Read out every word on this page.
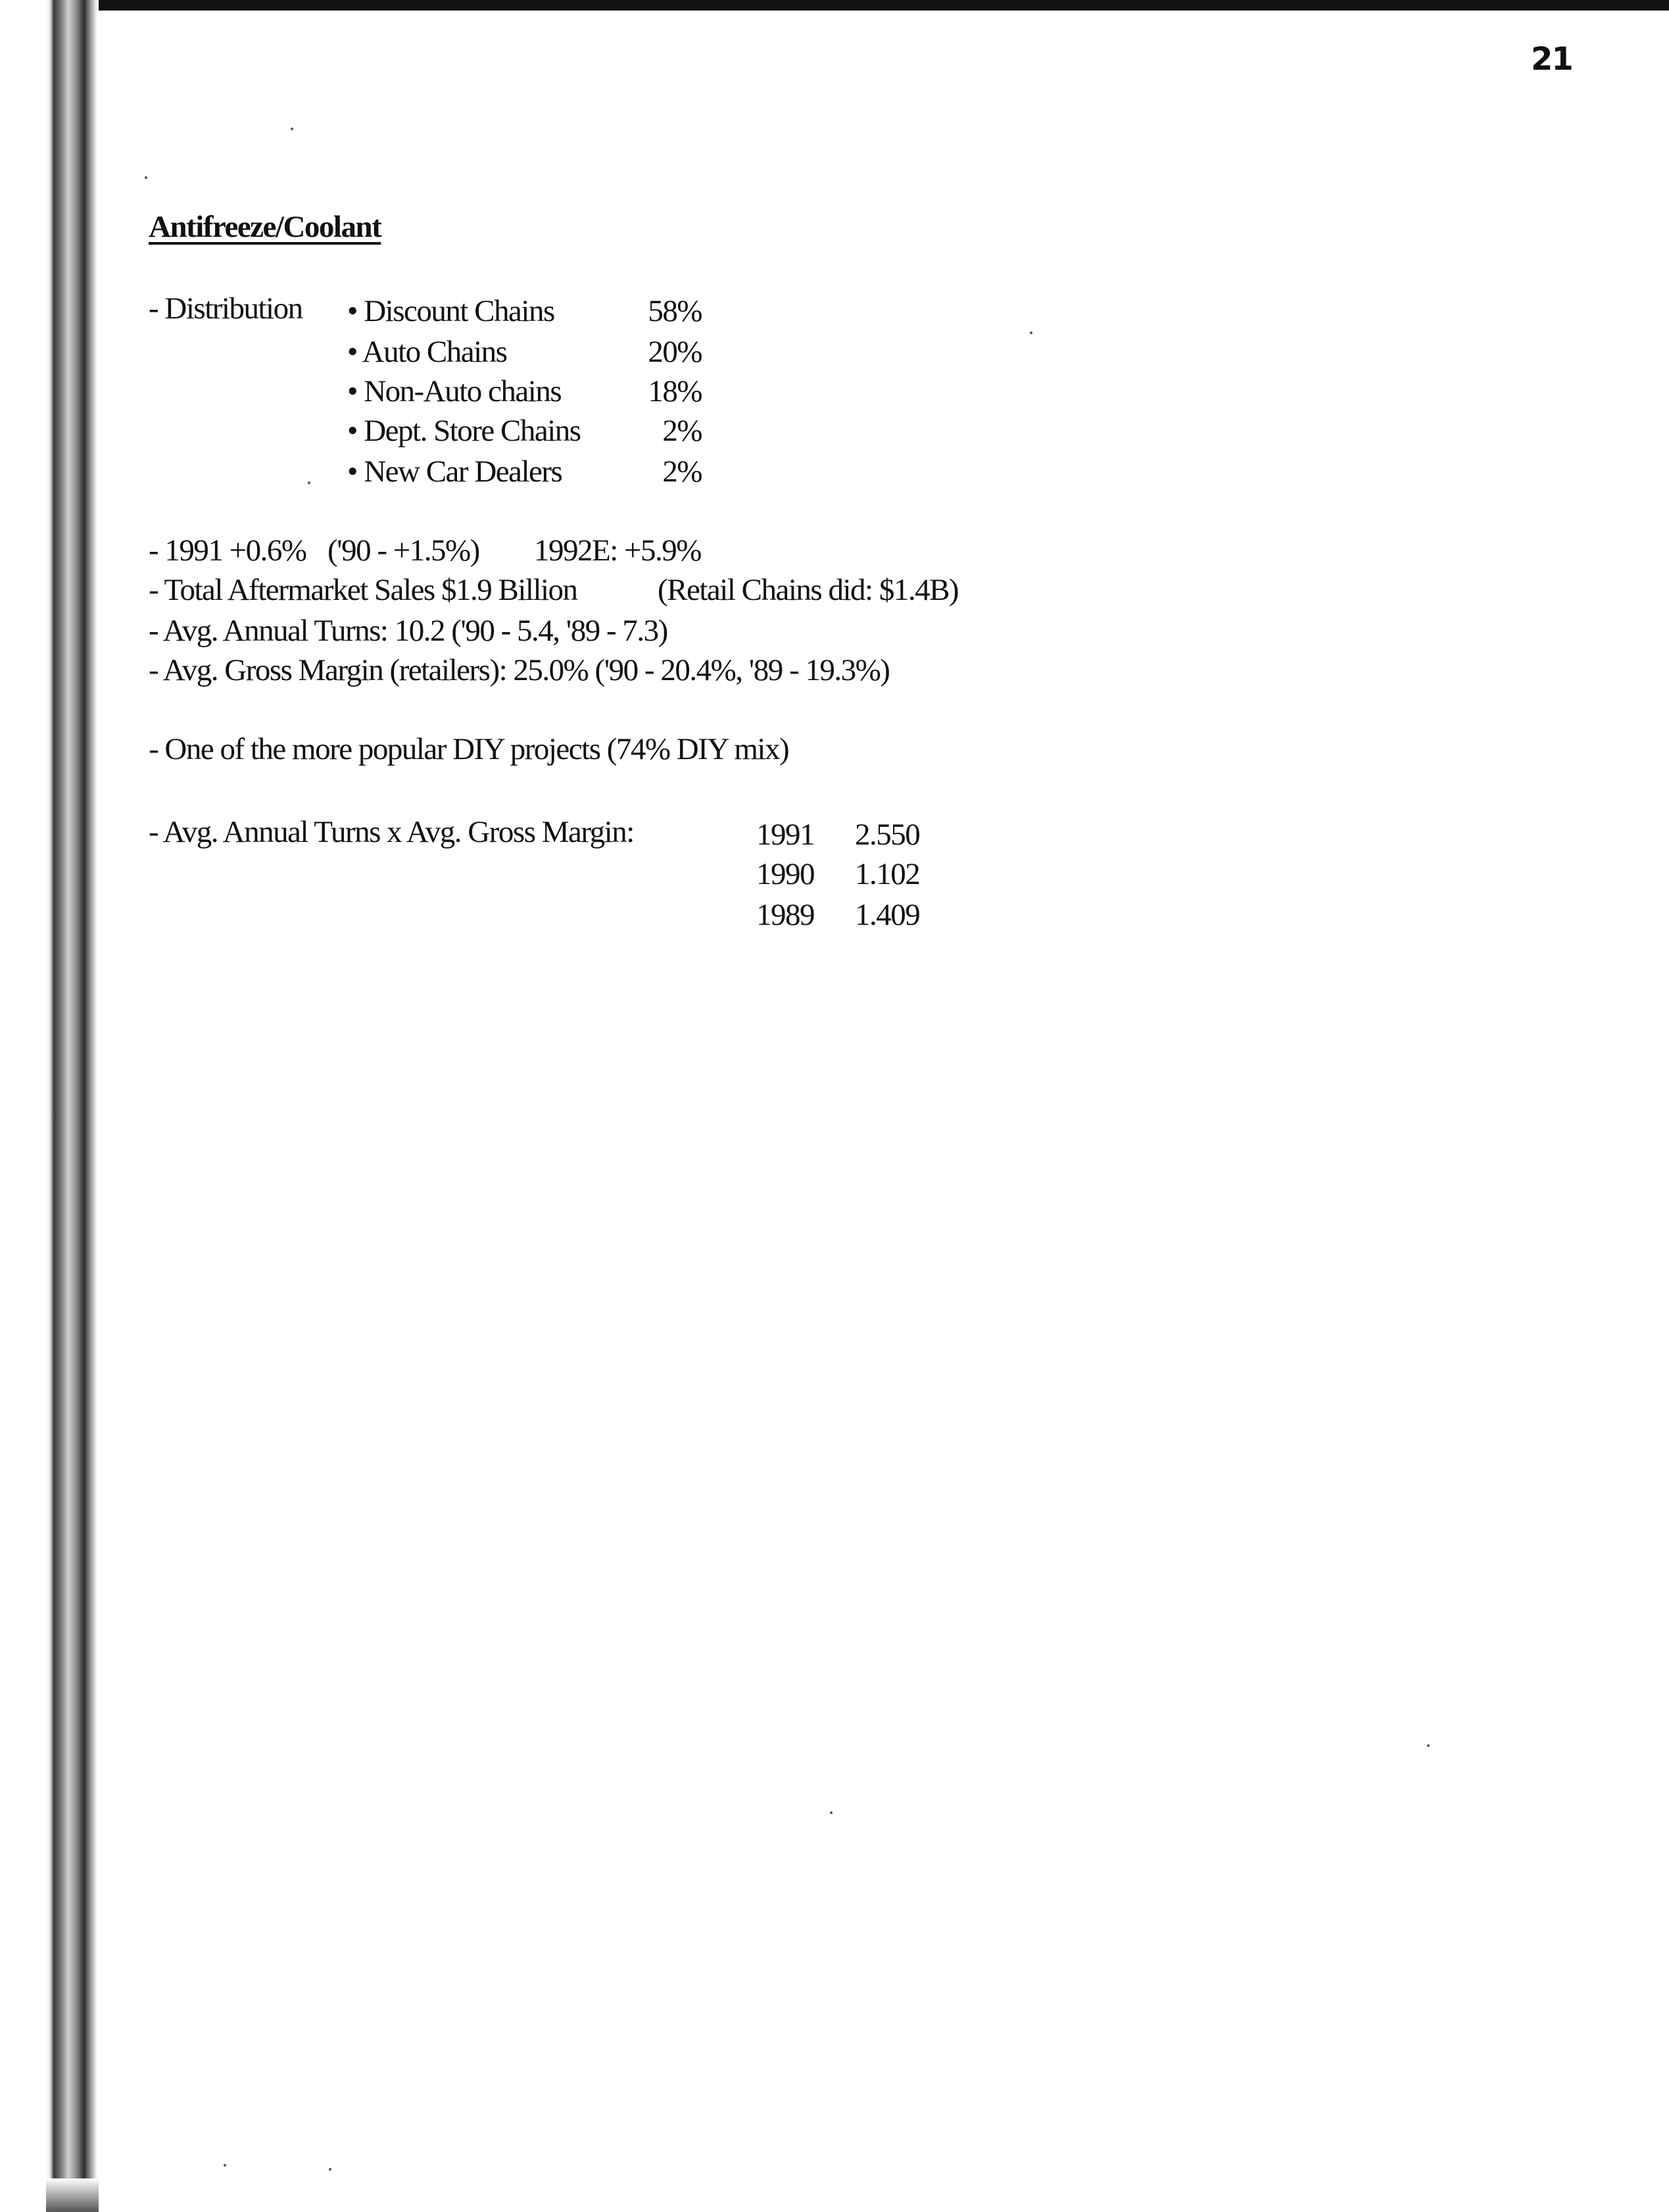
21
Antifreeze/Coolant
- Distribution • Discount Chains	58%
• Auto Chains	20%
• Non-Auto chains	18%
• Dept. Store Chains	2%
• New Car Dealers	2%
- 1991 +0.6% ('90 - +1.5%) 1992E: +5.9%
- Total Aftermarket Sales $1.9 Billion	(Retail Chains did: $1.4B)
- Avg. Annual Turns: 10.2 ('90 - 5.4, '89 - 7.3)
- Avg. Gross Margin (retailers): 25.0% ('90 - 20.4%, '89 - 19.3%)
- One of the more popular DIY projects (74% DIY mix)
- Avg. Annual Turns x Avg. Gross Margin:	1991 2.550
1990 1.102
1989 1.409
